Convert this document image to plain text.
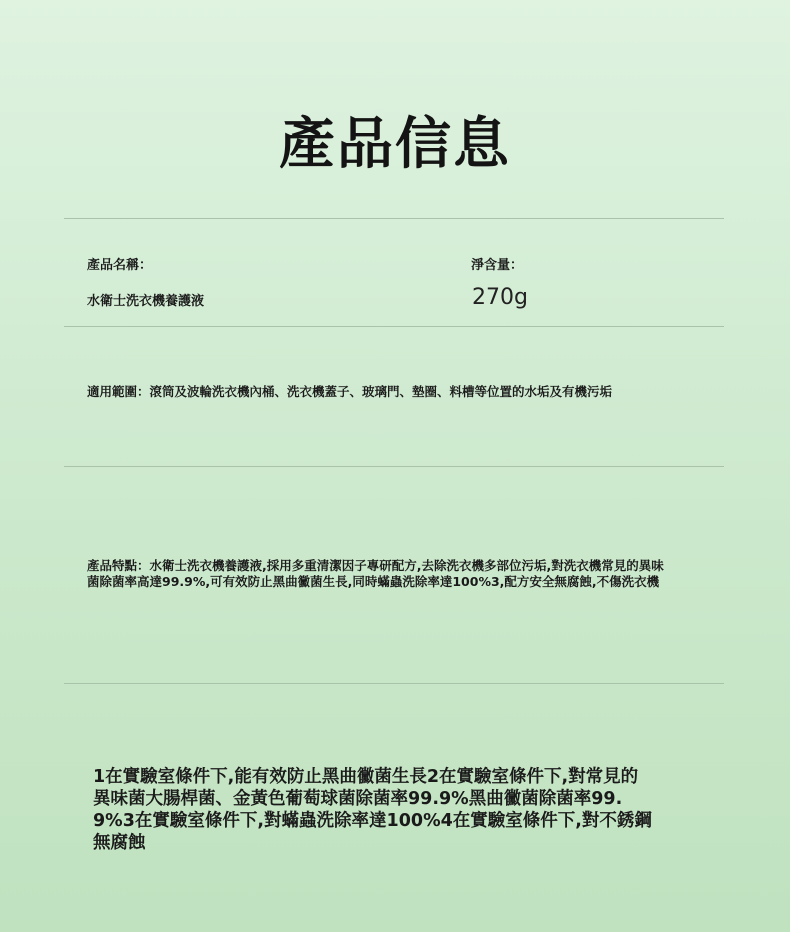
產品信息
產品名稱：
水衛士洗衣機養護液
淨含量：
270g
適用範圍：滾筒及波輪洗衣機內桶、洗衣機蓋子、玻璃門、墊圈、料槽等位置的水垢及有機污垢
產品特點：水衛士洗衣機養護液,採用多重清潔因子專研配方,去除洗衣機多部位污垢,對洗衣機常見的異味
菌除菌率高達99.9%,可有效防止黑曲黴菌生長,同時蟎蟲洗除率達100%3,配方安全無腐蝕,不傷洗衣機
1在實驗室條件下,能有效防止黑曲黴菌生長2在實驗室條件下,對常見的
異味菌大腸桿菌、金黃色葡萄球菌除菌率99.9%黑曲黴菌除菌率99.
9%3在實驗室條件下,對蟎蟲洗除率達100%4在實驗室條件下,對不銹鋼
無腐蝕
